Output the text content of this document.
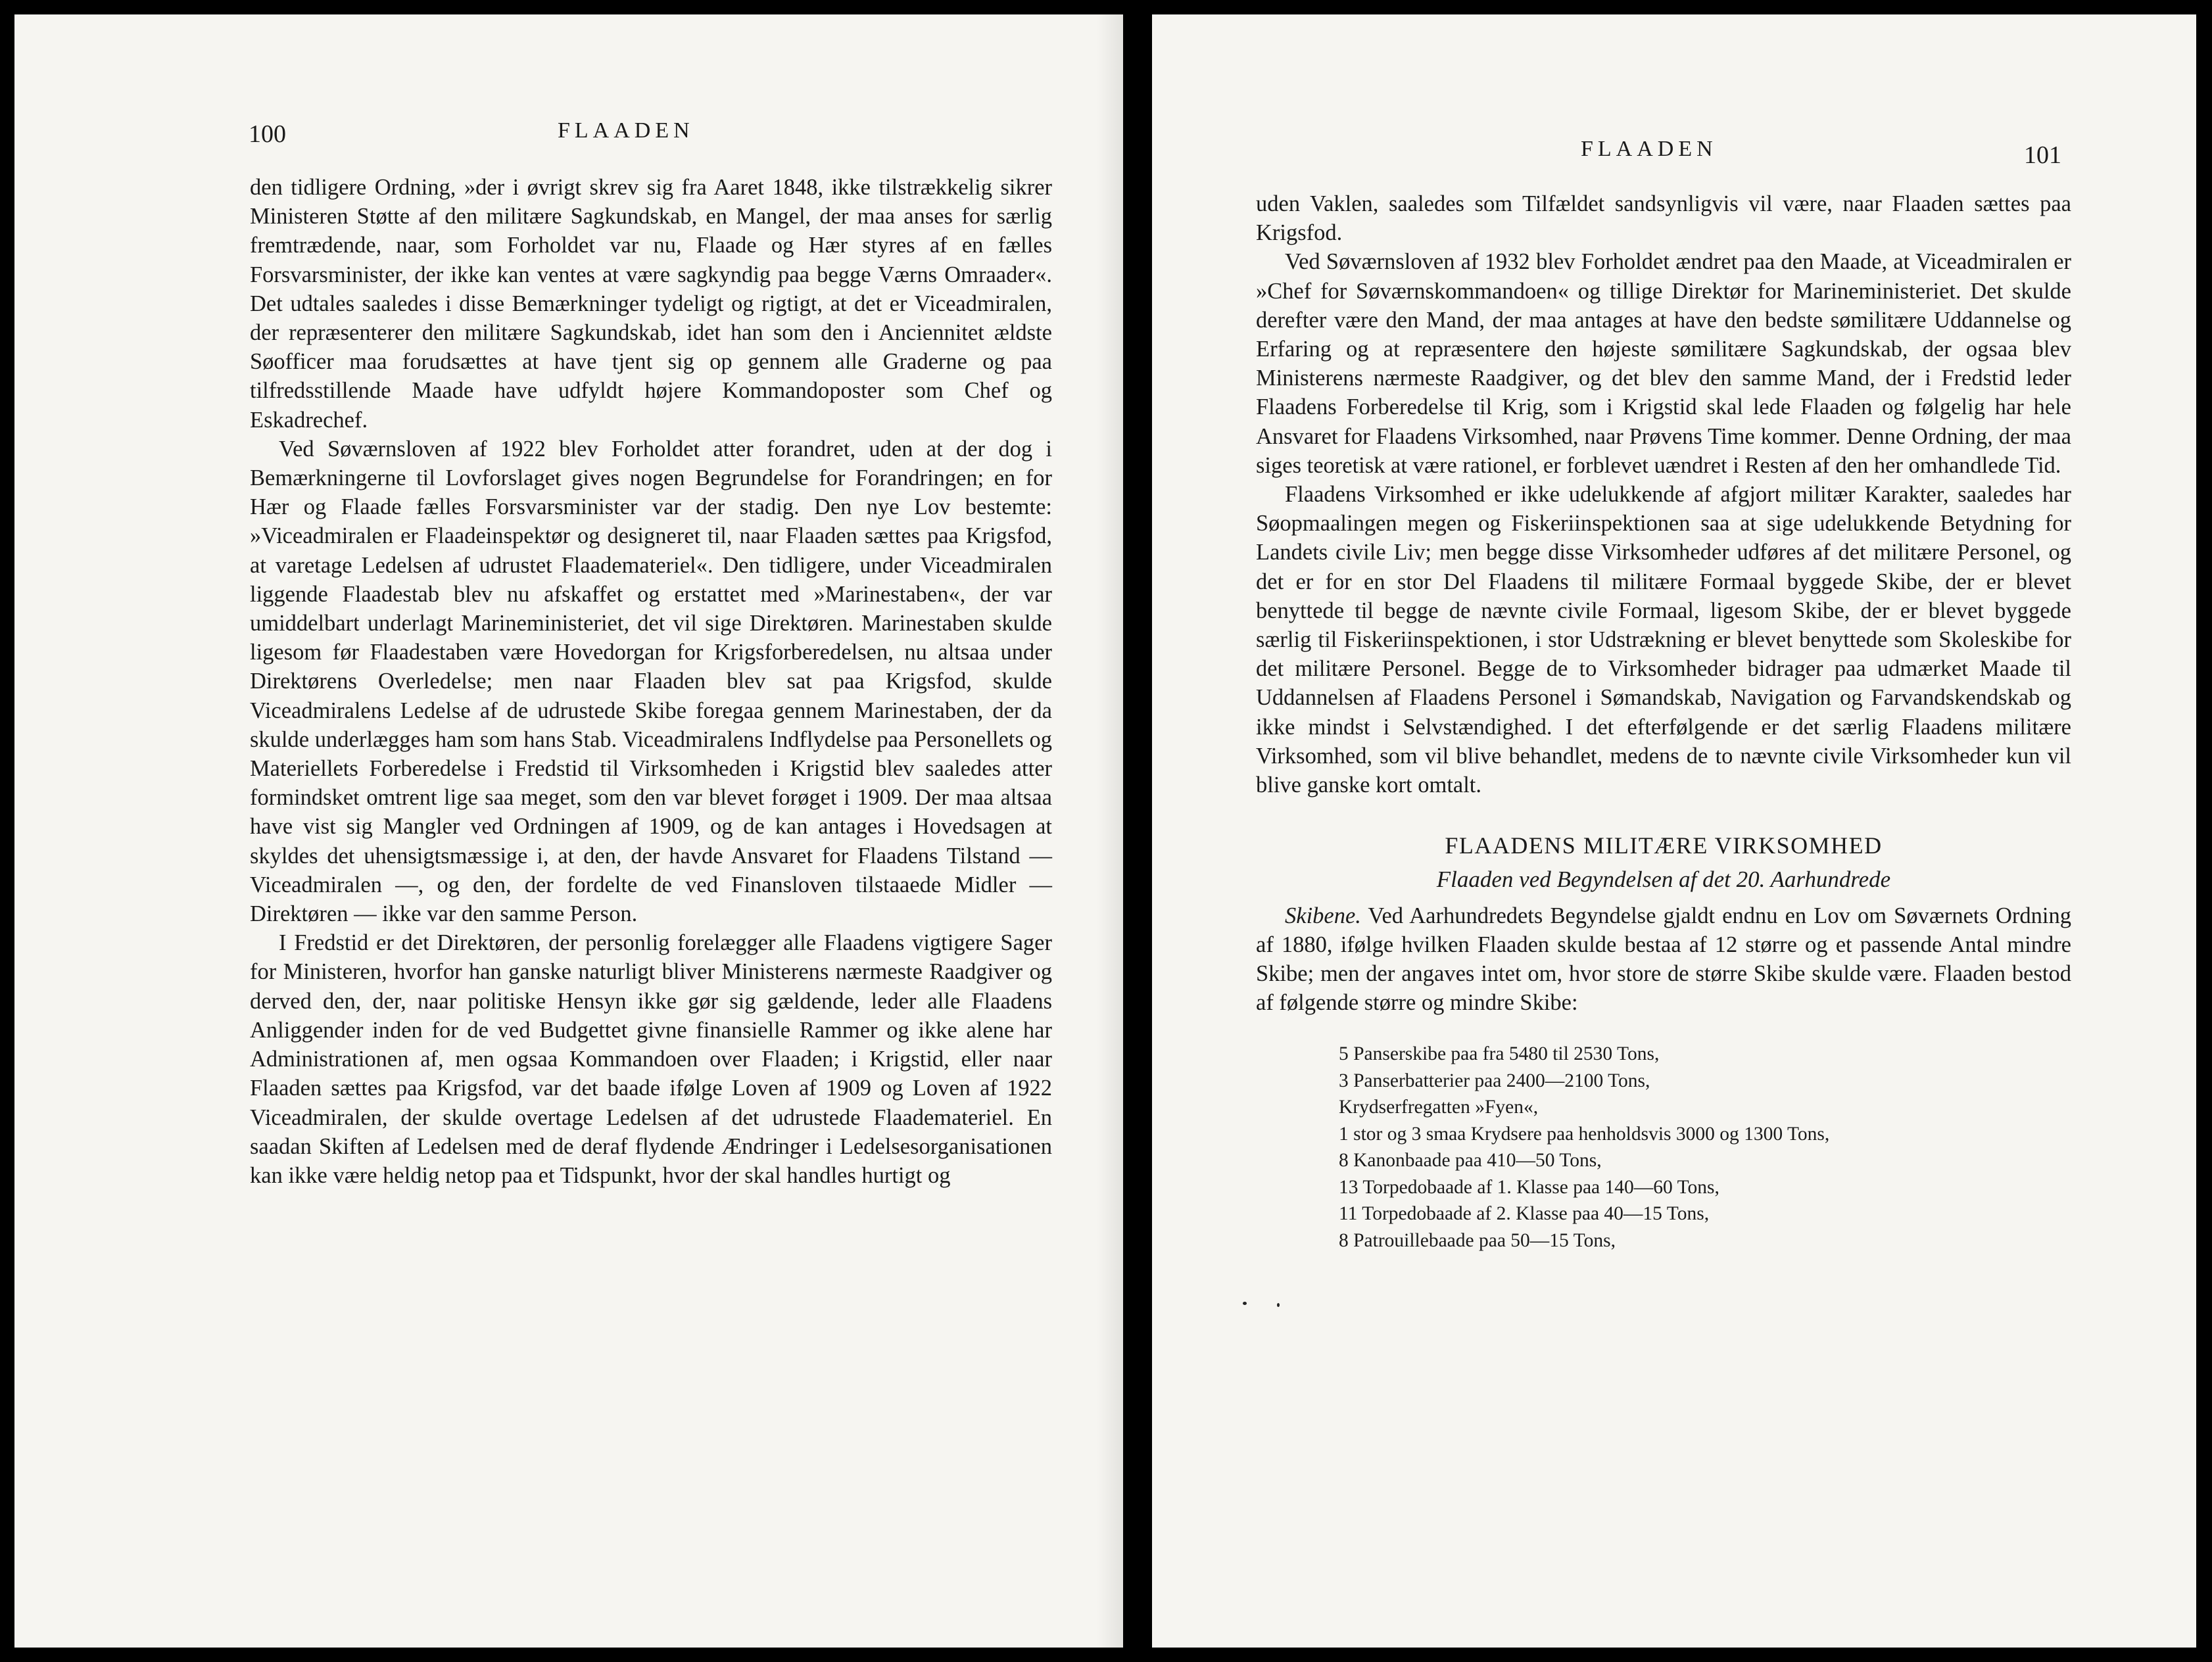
100	FLAADEN

den tidligere Ordning, »der i øvrigt skrev sig fra Aaret 1848, ikke tilstrækkelig sikrer Ministeren Støtte af den militære Sagkundskab, en Mangel, der maa anses for særlig fremtrædende, naar, som Forholdet var nu, Flaade og Hær styres af en fælles Forsvarsminister, der ikke kan ventes at være sagkyndig paa begge Værns Omraader«. Det udtales saaledes i disse Bemærkninger tydeligt og rigtigt, at det er Viceadmiralen, der repræsenterer den militære Sagkundskab, idet han som den i Anciennitet ældste Søofficer maa forudsættes at have tjent sig op gennem alle Graderne og paa tilfredsstillende Maade have udfyldt højere Kommandoposter som Chef og Eskadrechef.

Ved Søværnsloven af 1922 blev Forholdet atter forandret, uden at der dog i Bemærkningerne til Lovforslaget gives nogen Begrundelse for Forandringen; en for Hær og Flaade fælles Forsvarsminister var der stadig. Den nye Lov bestemte: »Viceadmiralen er Flaadeinspektør og designeret til, naar Flaaden sættes paa Krigsfod, at varetage Ledelsen af udrustet Flaademateriel«. Den tidligere, under Viceadmiralen liggende Flaadestab blev nu afskaffet og erstattet med »Marinestaben«, der var umiddelbart underlagt Marineministeriet, det vil sige Direktøren. Marinestaben skulde ligesom før Flaadestaben være Hovedorgan for Krigsforberedelsen, nu altsaa under Direktørens Overledelse; men naar Flaaden blev sat paa Krigsfod, skulde Viceadmiralens Ledelse af de udrustede Skibe foregaa gennem Marinestaben, der da skulde underlægges ham som hans Stab. Viceadmiralens Indflydelse paa Personellets og Materiellets Forberedelse i Fredstid til Virksomheden i Krigstid blev saaledes atter formindsket omtrent lige saa meget, som den var blevet forøget i 1909. Der maa altsaa have vist sig Mangler ved Ordningen af 1909, og de kan antages i Hovedsagen at skyldes det uhensigtsmæssige i, at den, der havde Ansvaret for Flaadens Tilstand — Viceadmiralen —, og den, der fordelte de ved Finansloven tilstaaede Midler — Direktøren — ikke var den samme Person.

I Fredstid er det Direktøren, der personlig forelægger alle Flaadens vigtigere Sager for Ministeren, hvorfor han ganske naturligt bliver Ministerens nærmeste Raadgiver og derved den, der, naar politiske Hensyn ikke gør sig gældende, leder alle Flaadens Anliggender inden for de ved Budgettet givne finansielle Rammer og ikke alene har Administrationen af, men ogsaa Kommandoen over Flaaden; i Krigstid, eller naar Flaaden sættes paa Krigsfod, var det baade ifølge Loven af 1909 og Loven af 1922 Viceadmiralen, der skulde overtage Ledelsen af det udrustede Flaademateriel. En saadan Skiften af Ledelsen med de deraf flydende Ændringer i Ledelsesorganisationen kan ikke være heldig netop paa et Tidspunkt, hvor der skal handles hurtigt og

FLAADEN	101

uden Vaklen, saaledes som Tilfældet sandsynligvis vil være, naar Flaaden sættes paa Krigsfod.

Ved Søværnsloven af 1932 blev Forholdet ændret paa den Maade, at Viceadmiralen er »Chef for Søværnskommandoen« og tillige Direktør for Marineministeriet. Det skulde derefter være den Mand, der maa antages at have den bedste sømilitære Uddannelse og Erfaring og at repræsentere den højeste sømilitære Sagkundskab, der ogsaa blev Ministerens nærmeste Raadgiver, og det blev den samme Mand, der i Fredstid leder Flaadens Forberedelse til Krig, som i Krigstid skal lede Flaaden og følgelig har hele Ansvaret for Flaadens Virksomhed, naar Prøvens Time kommer. Denne Ordning, der maa siges teoretisk at være rationel, er forblevet uændret i Resten af den her omhandlede Tid.

Flaadens Virksomhed er ikke udelukkende af afgjort militær Karakter, saaledes har Søopmaalingen megen og Fiskeriinspektionen saa at sige udelukkende Betydning for Landets civile Liv; men begge disse Virksomheder udføres af det militære Personel, og det er for en stor Del Flaadens til militære Formaal byggede Skibe, der er blevet benyttede til begge de nævnte civile Formaal, ligesom Skibe, der er blevet byggede særlig til Fiskeriinspektionen, i stor Udstrækning er blevet benyttede som Skoleskibe for det militære Personel. Begge de to Virksomheder bidrager paa udmærket Maade til Uddannelsen af Flaadens Personel i Sømandskab, Navigation og Farvandskendskab og ikke mindst i Selvstændighed. I det efterfølgende er det særlig Flaadens militære Virksomhed, som vil blive behandlet, medens de to nævnte civile Virksomheder kun vil blive ganske kort omtalt.

FLAADENS MILITÆRE VIRKSOMHED
Flaaden ved Begyndelsen af det 20. Aarhundrede

Skibene. Ved Aarhundredets Begyndelse gjaldt endnu en Lov om Søværnets Ordning af 1880, ifølge hvilken Flaaden skulde bestaa af 12 større og et passende Antal mindre Skibe; men der angaves intet om, hvor store de større Skibe skulde være. Flaaden bestod af følgende større og mindre Skibe:

5 Panserskibe paa fra 5480 til 2530 Tons,
3 Panserbatterier paa 2400—2100 Tons,
Krydserfregatten »Fyen«,
1 stor og 3 smaa Krydsere paa henholdsvis 3000 og 1300 Tons,
8 Kanonbaade paa 410—50 Tons,
13 Torpedobaade af 1. Klasse paa 140—60 Tons,
11 Torpedobaade af 2. Klasse paa 40—15 Tons,
8 Patrouillebaade paa 50—15 Tons,
